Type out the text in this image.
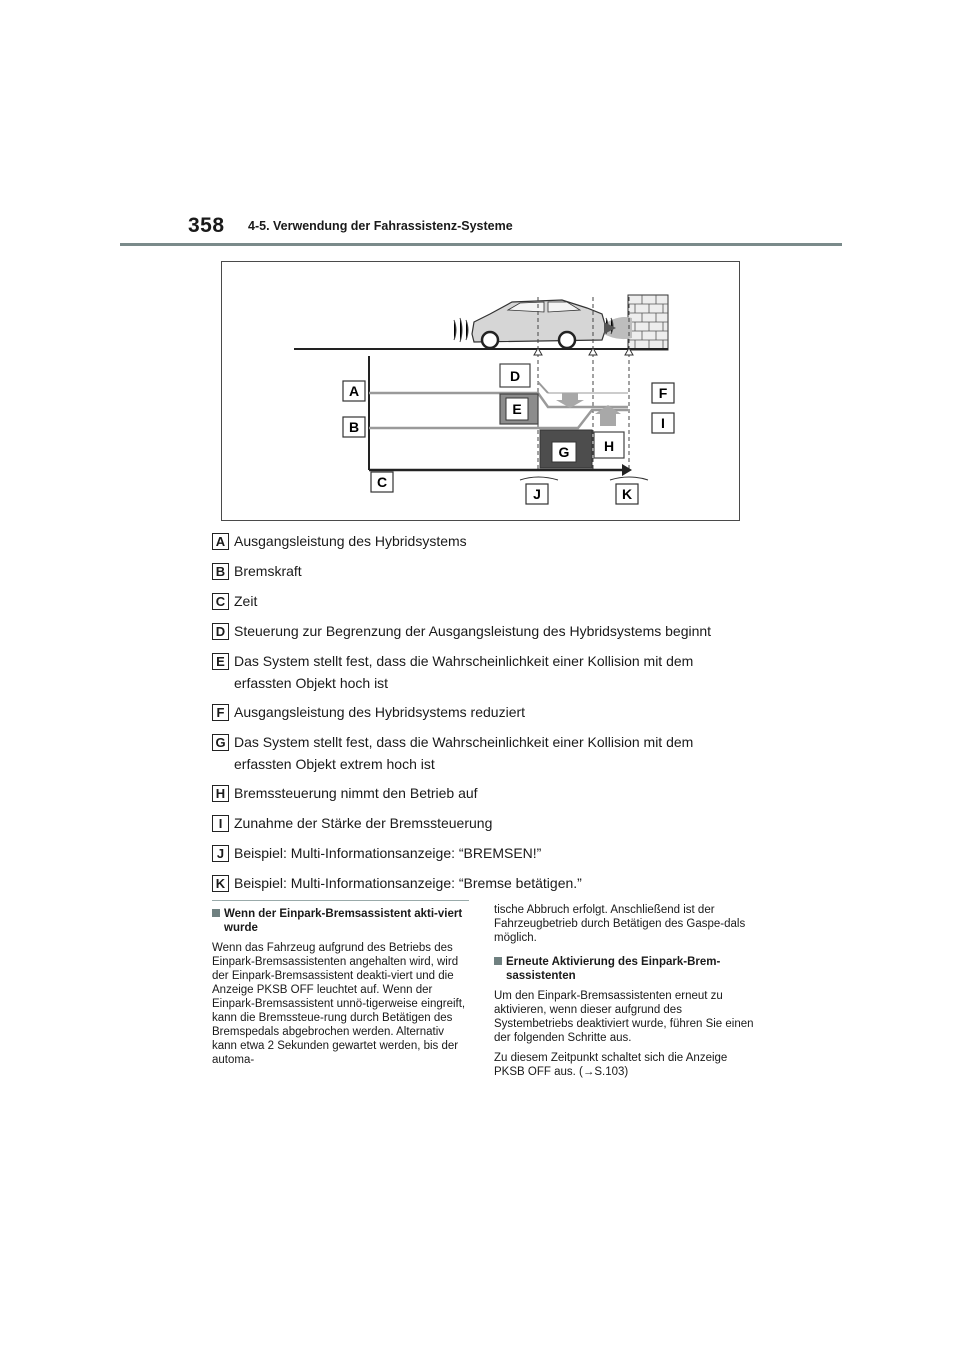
358 4-5. Verwendung der Fahrassistenz-Systeme
A
B
C
D
E
F
G H
I
J	K
A Ausgangsleistung des Hybridsystems
B Bremskraft
C Zeit
D Steuerung zur Begrenzung der Ausgangsleistung des Hybridsystems beginnt
E Das System stellt fest, dass die Wahrscheinlichkeit einer Kollision mit dem erfassten Objekt hoch ist
F Ausgangsleistung des Hybridsystems reduziert
G Das System stellt fest, dass die Wahrscheinlichkeit einer Kollision mit dem erfassten Objekt extrem hoch ist
H Bremssteuerung nimmt den Betrieb auf
I Zunahme der Stärke der Bremssteuerung
J Beispiel: Multi-Informationsanzeige: “BREMSEN!”
K Beispiel: Multi-Informationsanzeige: “Bremse betätigen.”
Wenn der Einpark-Bremsassistent akti-viert wurde

Wenn das Fahrzeug aufgrund des Betriebs des Einpark-Bremsassistenten angehalten wird, wird der Einpark-Bremsassistent deakti-viert und die Anzeige PKSB OFF leuchtet auf. Wenn der Einpark-Bremsassistent unnö-tigerweise eingreift, kann die Bremssteue-rung durch Betätigen des Bremspedals abgebrochen werden. Alternativ kann etwa 2 Sekunden gewartet werden, bis der automa-

tische Abbruch erfolgt. Anschließend ist der Fahrzeugbetrieb durch Betätigen des Gaspe-dals möglich.

Erneute Aktivierung des Einpark-Brem-sassistenten

Um den Einpark-Bremsassistenten erneut zu aktivieren, wenn dieser aufgrund des Systembetriebs deaktiviert wurde, führen Sie einen der folgenden Schritte aus.

Zu diesem Zeitpunkt schaltet sich die Anzeige PKSB OFF aus. (→S.103)
